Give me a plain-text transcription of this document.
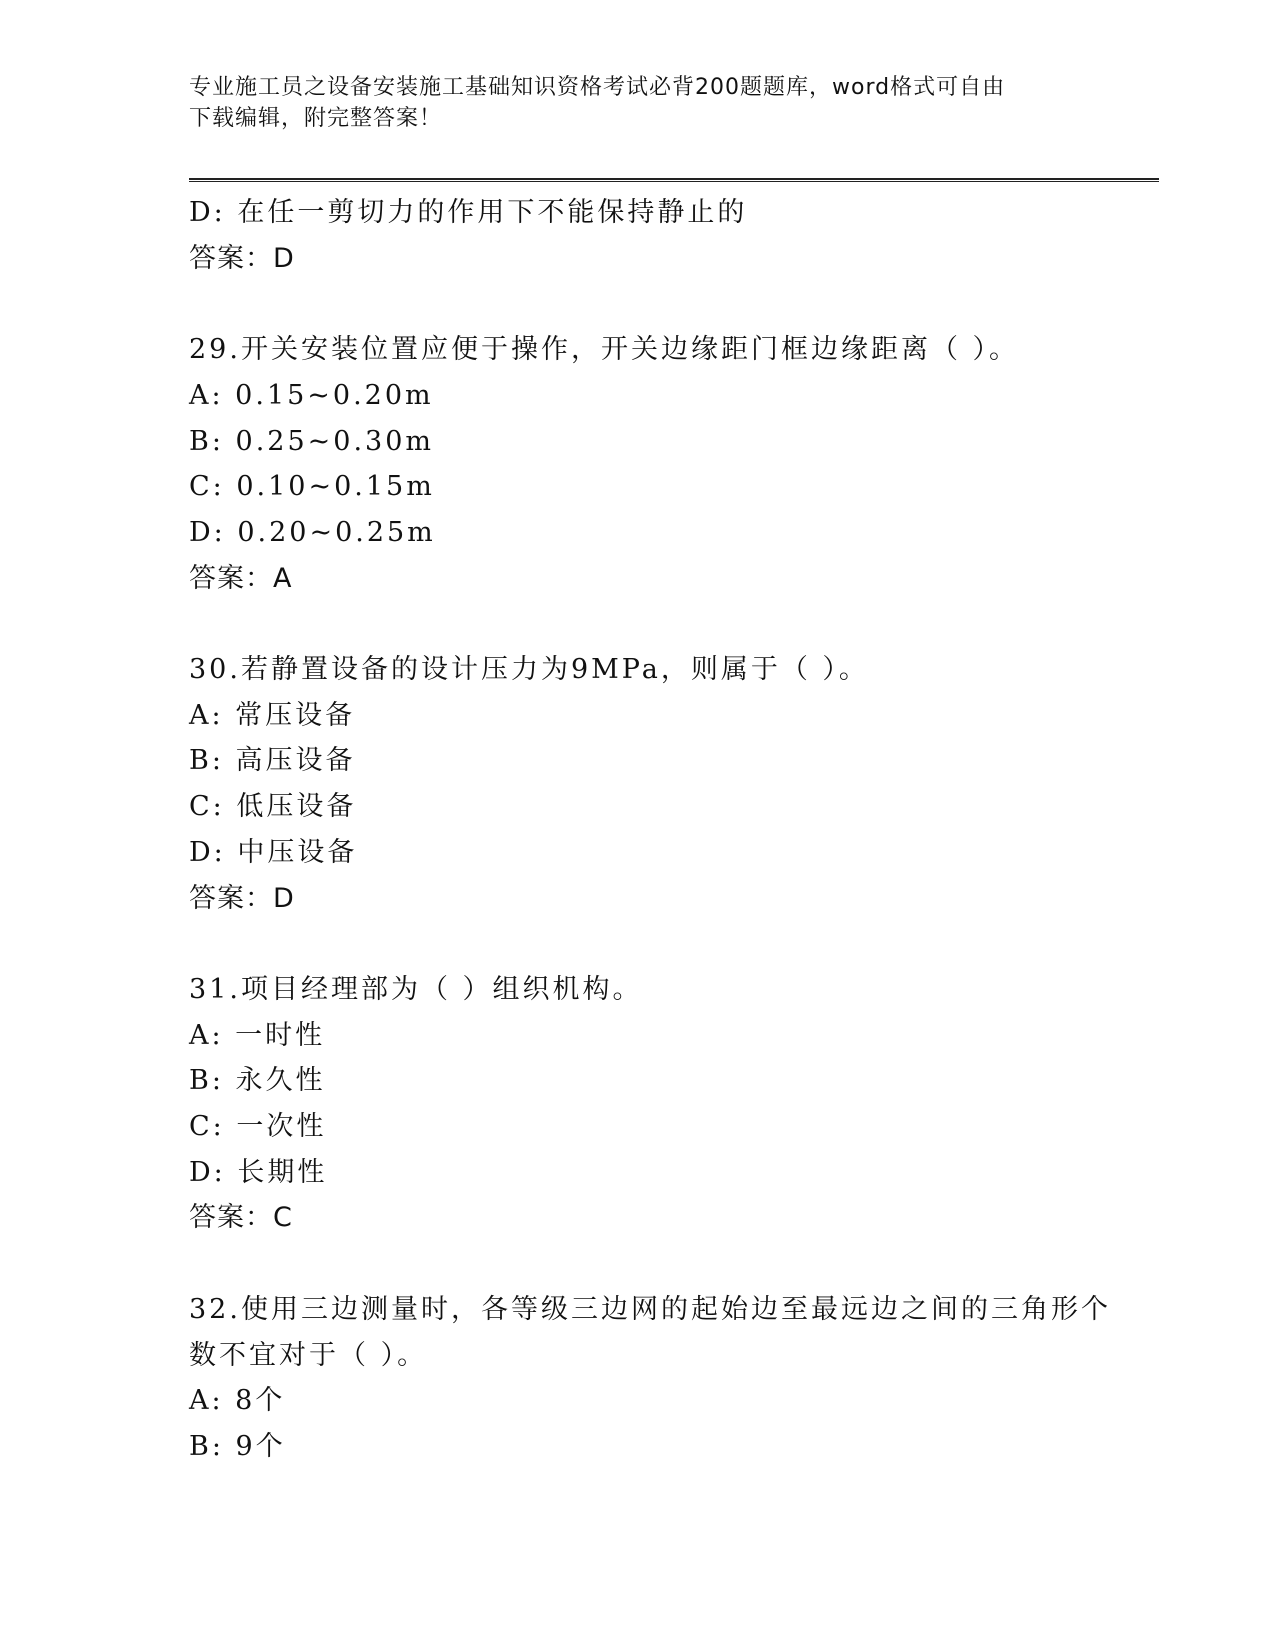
专业施工员之设备安装施工基础知识资格考试必背200题题库，word格式可自由
下载编辑，附完整答案！
D: 在任一剪切力的作用下不能保持静止的
答案：D
29.开关安装位置应便于操作，开关边缘距门框边缘距离（ ）。
A: 0.15~0.20m
B: 0.25~0.30m
C: 0.10~0.15m
D: 0.20~0.25m
答案：A
30.若静置设备的设计压力为9MPa，则属于（ ）。
A: 常压设备
B: 高压设备
C: 低压设备
D: 中压设备
答案：D
31.项目经理部为（ ）组织机构。
A: 一时性
B: 永久性
C: 一次性
D: 长期性
答案：C
32.使用三边测量时，各等级三边网的起始边至最远边之间的三角形个
数不宜对于（ ）。
A: 8个
B: 9个
